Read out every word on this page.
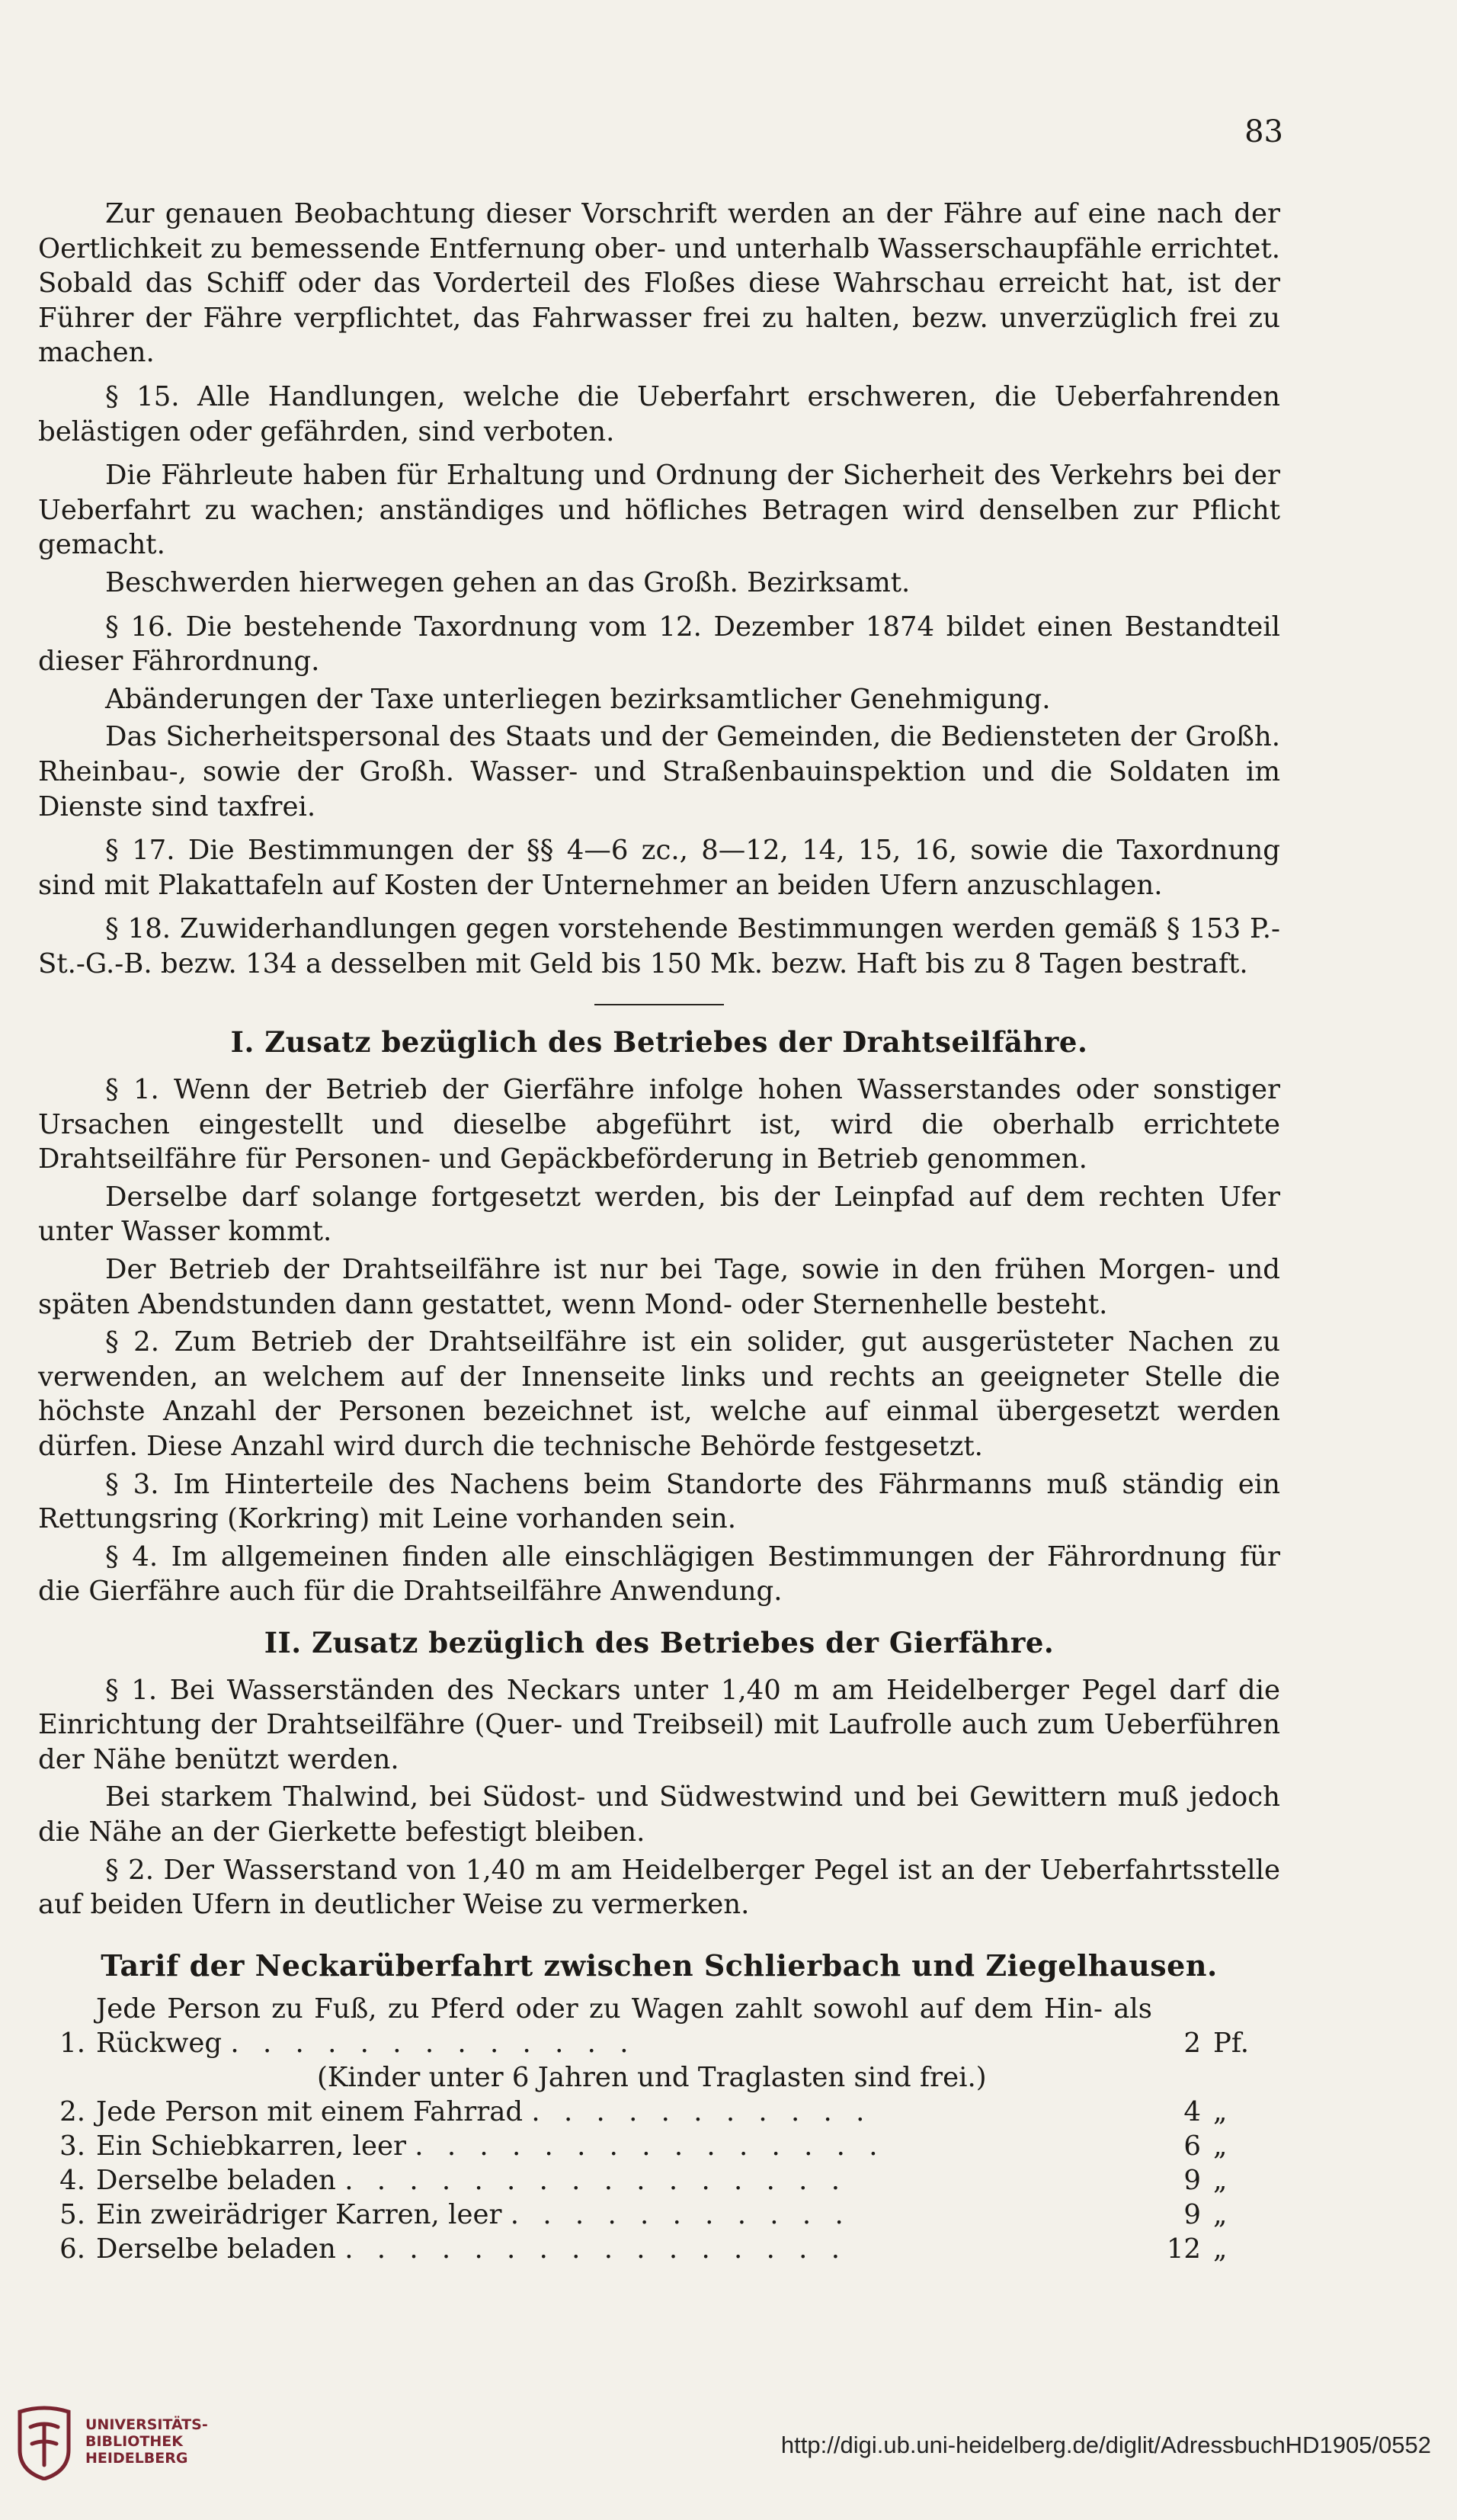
83

Zur genauen Beobachtung dieser Vorschrift werden an der Fähre auf eine nach der Oertlichkeit zu bemessende Entfernung ober- und unterhalb Wasserschaupfähle errichtet. Sobald das Schiff oder das Vorderteil des Floßes diese Wahrschau erreicht hat, ist der Führer der Fähre verpflichtet, das Fahrwasser frei zu halten, bezw. unverzüglich frei zu machen.

§ 15. Alle Handlungen, welche die Ueberfahrt erschweren, die Ueberfahrenden belästigen oder gefährden, sind verboten.

Die Fährleute haben für Erhaltung und Ordnung der Sicherheit des Verkehrs bei der Ueberfahrt zu wachen; anständiges und höfliches Betragen wird denselben zur Pflicht gemacht.

Beschwerden hierwegen gehen an das Großh. Bezirksamt.

§ 16. Die bestehende Taxordnung vom 12. Dezember 1874 bildet einen Bestandteil dieser Fährordnung.

Abänderungen der Taxe unterliegen bezirksamtlicher Genehmigung.

Das Sicherheitspersonal des Staats und der Gemeinden, die Bediensteten der Großh. Rheinbau-, sowie der Großh. Wasser- und Straßenbauinspektion und die Soldaten im Dienste sind taxfrei.

§ 17. Die Bestimmungen der §§ 4—6 zc., 8—12, 14, 15, 16, sowie die Taxordnung sind mit Plakattafeln auf Kosten der Unternehmer an beiden Ufern anzuschlagen.

§ 18. Zuwiderhandlungen gegen vorstehende Bestimmungen werden gemäß § 153 P.-St.-G.-B. bezw. 134 a desselben mit Geld bis 150 Mk. bezw. Haft bis zu 8 Tagen bestraft.

I. Zusatz bezüglich des Betriebes der Drahtseilfähre.

§ 1. Wenn der Betrieb der Gierfähre infolge hohen Wasserstandes oder sonstiger Ursachen eingestellt und dieselbe abgeführt ist, wird die oberhalb errichtete Drahtseilfähre für Personen- und Gepäckbeförderung in Betrieb genommen.

Derselbe darf solange fortgesetzt werden, bis der Leinpfad auf dem rechten Ufer unter Wasser kommt.

Der Betrieb der Drahtseilfähre ist nur bei Tage, sowie in den frühen Morgen- und späten Abendstunden dann gestattet, wenn Mond- oder Sternenhelle besteht.

§ 2. Zum Betrieb der Drahtseilfähre ist ein solider, gut ausgerüsteter Nachen zu verwenden, an welchem auf der Innenseite links und rechts an geeigneter Stelle die höchste Anzahl der Personen bezeichnet ist, welche auf einmal übergesetzt werden dürfen. Diese Anzahl wird durch die technische Behörde festgesetzt.

§ 3. Im Hinterteile des Nachens beim Standorte des Fährmanns muß ständig ein Rettungsring (Korkring) mit Leine vorhanden sein.

§ 4. Im allgemeinen finden alle einschlägigen Bestimmungen der Fährordnung für die Gierfähre auch für die Drahtseilfähre Anwendung.

II. Zusatz bezüglich des Betriebes der Gierfähre.

§ 1. Bei Wasserständen des Neckars unter 1,40 m am Heidelberger Pegel darf die Einrichtung der Drahtseilfähre (Quer- und Treibseil) mit Laufrolle auch zum Ueberführen der Nähe benützt werden.

Bei starkem Thalwind, bei Südost- und Südwestwind und bei Gewittern muß jedoch die Nähe an der Gierkette befestigt bleiben.

§ 2. Der Wasserstand von 1,40 m am Heidelberger Pegel ist an der Ueberfahrtsstelle auf beiden Ufern in deutlicher Weise zu vermerken.

Tarif der Neckarüberfahrt zwischen Schlierbach und Ziegelhausen.
1.	Jede Person zu Fuß, zu Pferd oder zu Wagen zahlt sowohl auf dem Hin- als Rückweg . . . . . . . . . . . . .	2	Pf.
	(Kinder unter 6 Jahren und Traglasten sind frei.)		
2.	Jede Person mit einem Fahrrad . . . . . . . . . . .	4	„
3.	Ein Schiebkarren, leer . . . . . . . . . . . . . . .	6	„
4.	Derselbe beladen . . . . . . . . . . . . . . . .	9	„
5.	Ein zweirädriger Karren, leer . . . . . . . . . . .	9	„
6.	Derselbe beladen . . . . . . . . . . . . . . . .	12	„
UNIVERSITÄTS-
BIBLIOTHEK
HEIDELBERG	http://digi.ub.uni-heidelberg.de/diglit/AdressbuchHD1905/0552
